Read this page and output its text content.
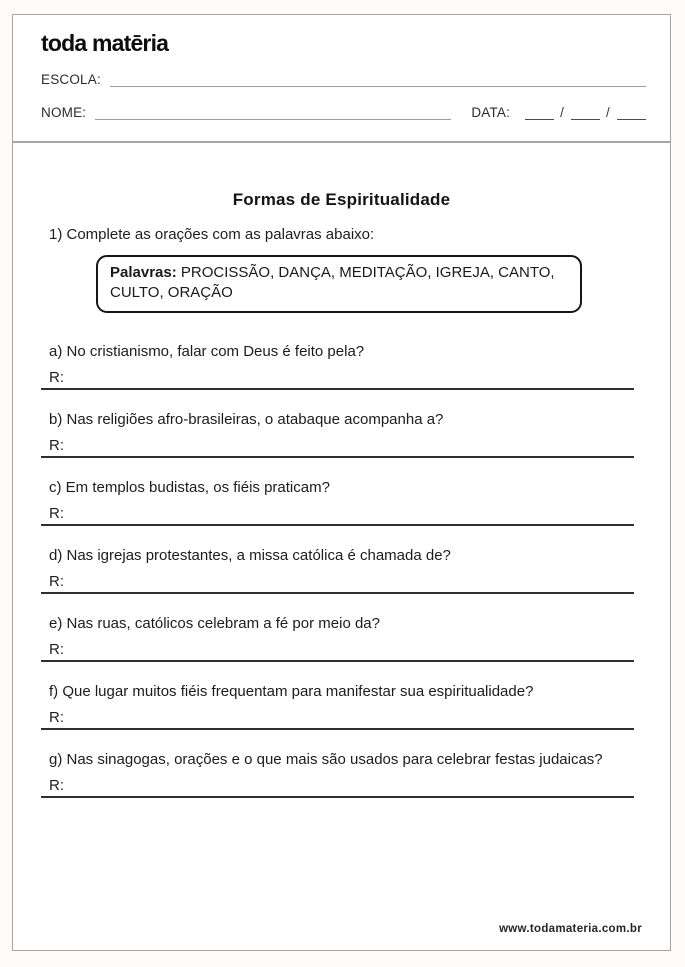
toda matēria
ESCOLA:
NOME:	DATA:	/	/
Formas de Espiritualidade
1) Complete as orações com as palavras abaixo:
Palavras: PROCISSÃO, DANÇA, MEDITAÇÃO, IGREJA, CANTO, CULTO, ORAÇÃO
a) No cristianismo, falar com Deus é feito pela?
R:
b) Nas religiões afro-brasileiras, o atabaque acompanha a?
R:
c) Em templos budistas, os fiéis praticam?
R:
d) Nas igrejas protestantes, a missa católica é chamada de?
R:
e) Nas ruas, católicos celebram a fé por meio da?
R:
f) Que lugar muitos fiéis frequentam para manifestar sua espiritualidade?
R:
g) Nas sinagogas, orações e o que mais são usados para celebrar festas judaicas?
R:
www.todamateria.com.br
